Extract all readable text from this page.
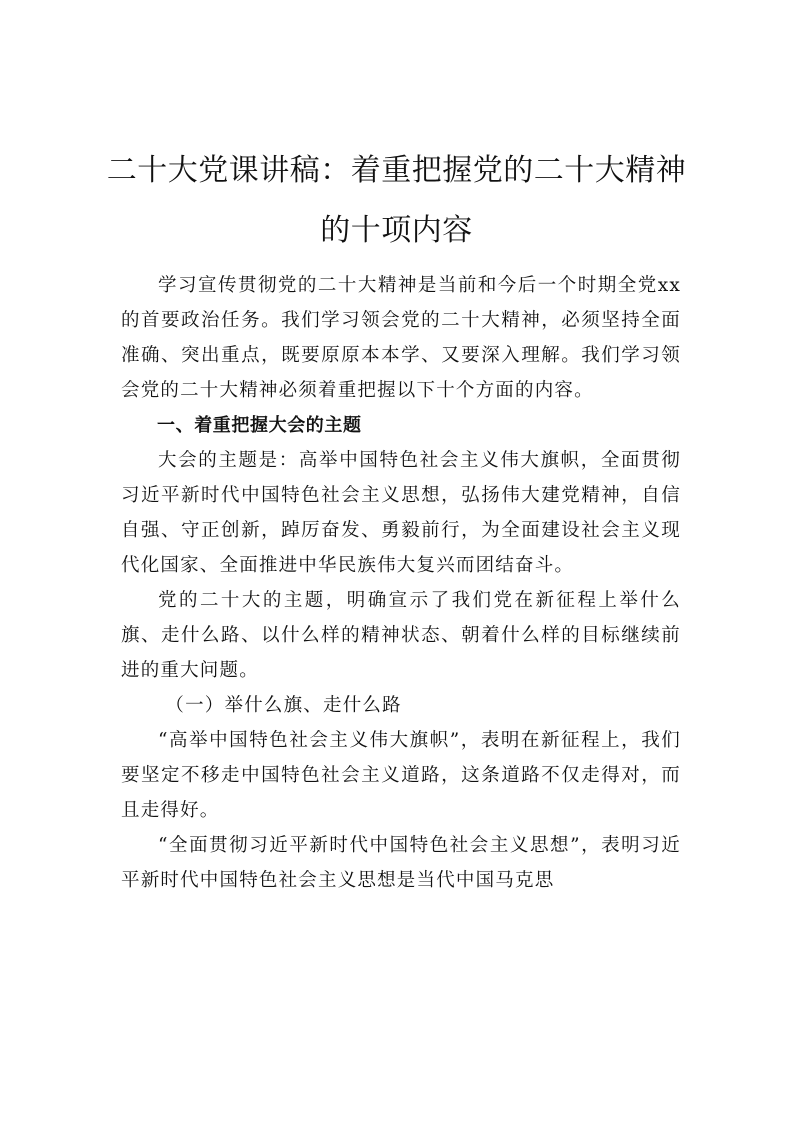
二十大党课讲稿：着重把握党的二十大精神
的十项内容

学习宣传贯彻党的二十大精神是当前和今后一个时期全党xx的首要政治任务。我们学习领会党的二十大精神，必须坚持全面准确、突出重点，既要原原本本学、又要深入理解。我们学习领会党的二十大精神必须着重把握以下十个方面的内容。

一、着重把握大会的主题

大会的主题是：高举中国特色社会主义伟大旗帜，全面贯彻习近平新时代中国特色社会主义思想，弘扬伟大建党精神，自信自强、守正创新，踔厉奋发、勇毅前行，为全面建设社会主义现代化国家、全面推进中华民族伟大复兴而团结奋斗。

党的二十大的主题，明确宣示了我们党在新征程上举什么旗、走什么路、以什么样的精神状态、朝着什么样的目标继续前进的重大问题。

（一）举什么旗、走什么路

“高举中国特色社会主义伟大旗帜”，表明在新征程上，我们要坚定不移走中国特色社会主义道路，这条道路不仅走得对，而且走得好。

“全面贯彻习近平新时代中国特色社会主义思想”，表明习近平新时代中国特色社会主义思想是当代中国马克思
